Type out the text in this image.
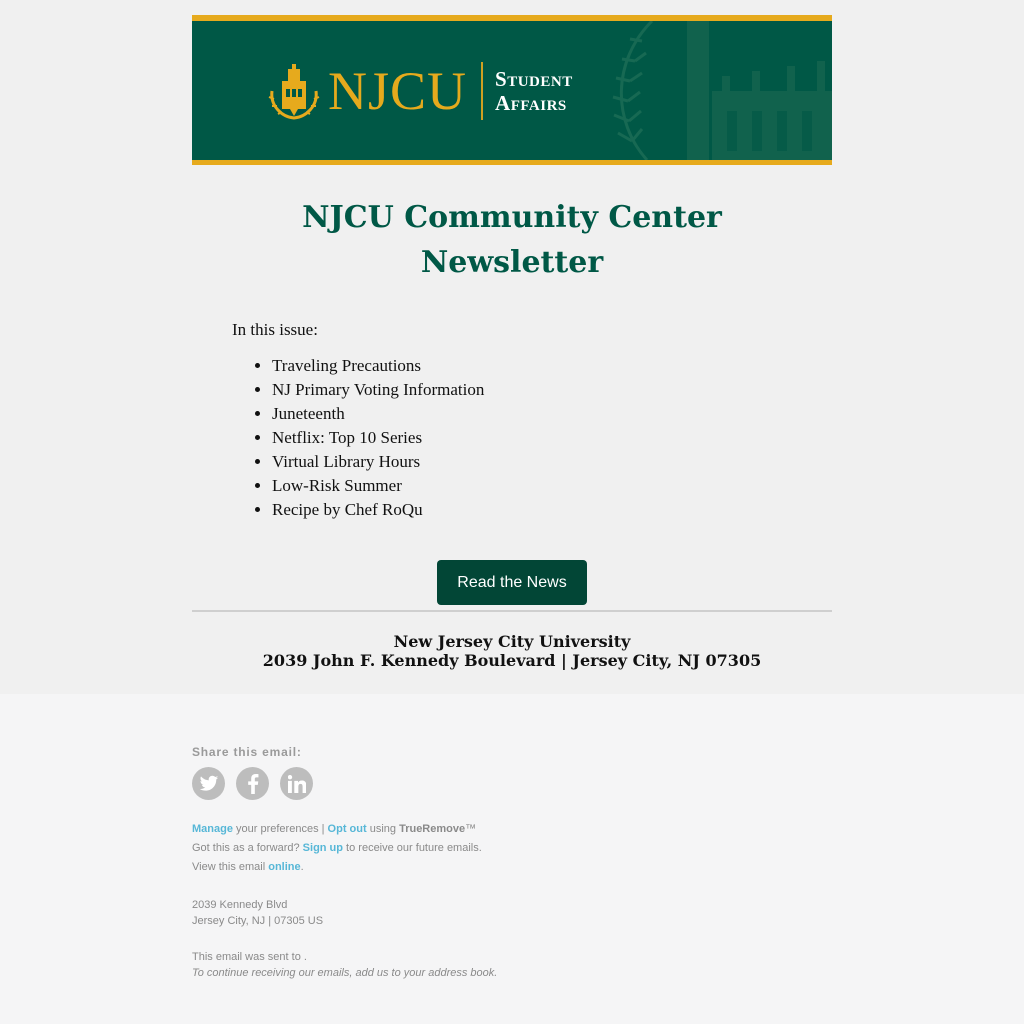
NJCU Student
Affairs
NJCU Community Center
Newsletter
In this issue:
• Traveling Precautions
• NJ Primary Voting Information
• Juneteenth
• Netflix: Top 10 Series
• Virtual Library Hours
• Low-Risk Summer
• Recipe by Chef RoQu
Read the News
New Jersey City University
2039 John F. Kennedy Boulevard | Jersey City, NJ 07305
Share this email:
Manage your preferences | Opt out using TrueRemove™
Got this as a forward? Sign up to receive our future emails.
View this email online.
2039 Kennedy Blvd
Jersey City, NJ | 07305 US
This email was sent to .
To continue receiving our emails, add us to your address book.
